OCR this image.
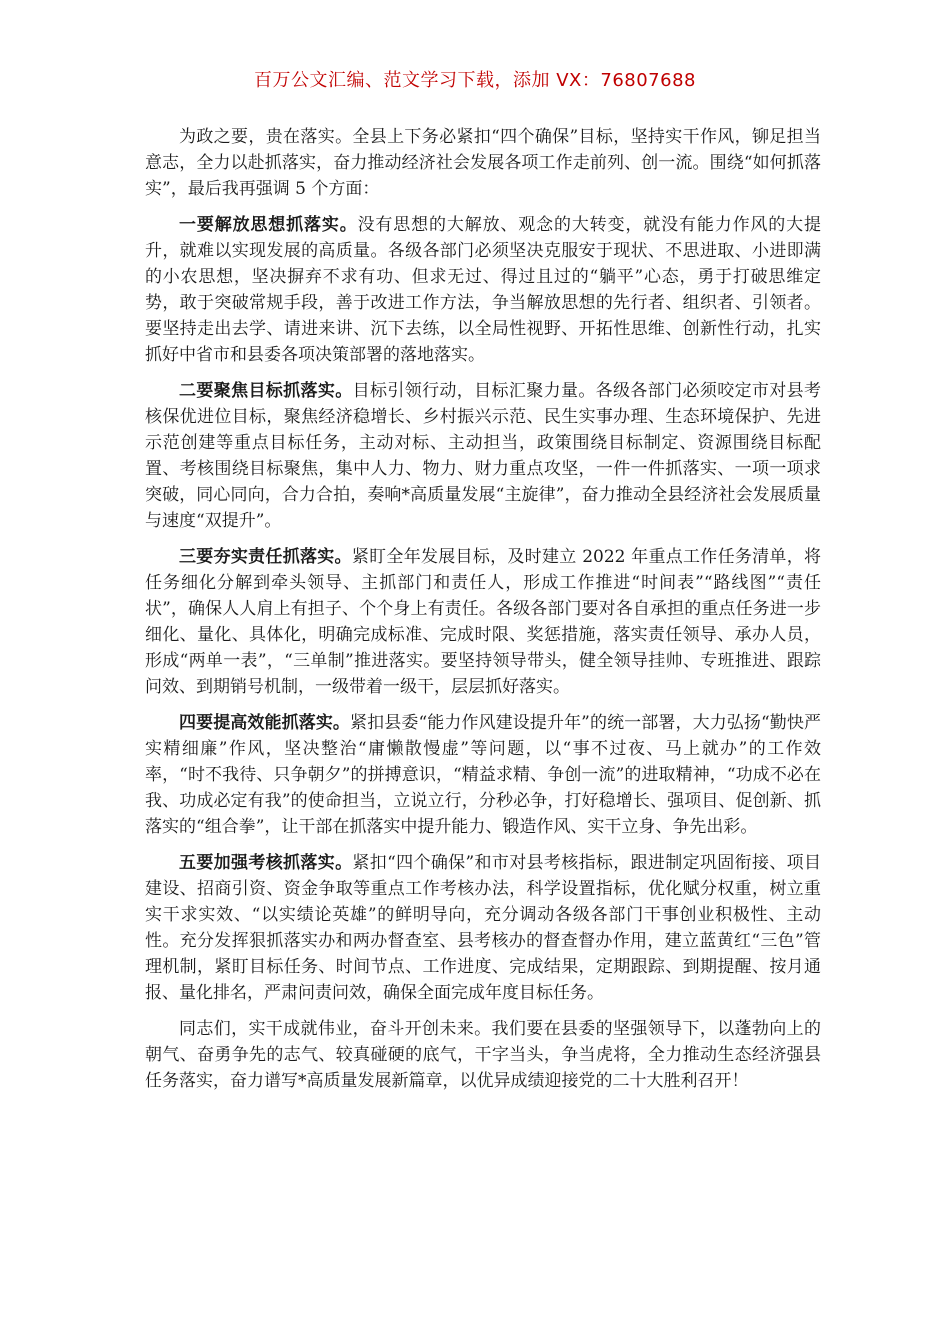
百万公文汇编、范文学习下载，添加 VX：76807688

为政之要，贵在落实。全县上下务必紧扣“四个确保”目标，坚持实干作风，铆足担当意志，全力以赴抓落实，奋力推动经济社会发展各项工作走前列、创一流。围绕“如何抓落实”，最后我再强调 5 个方面：

一要解放思想抓落实。没有思想的大解放、观念的大转变，就没有能力作风的大提升，就难以实现发展的高质量。各级各部门必须坚决克服安于现状、不思进取、小进即满的小农思想，坚决摒弃不求有功、但求无过、得过且过的“躺平”心态，勇于打破思维定势，敢于突破常规手段，善于改进工作方法，争当解放思想的先行者、组织者、引领者。要坚持走出去学、请进来讲、沉下去练，以全局性视野、开拓性思维、创新性行动，扎实抓好中省市和县委各项决策部署的落地落实。

二要聚焦目标抓落实。目标引领行动，目标汇聚力量。各级各部门必须咬定市对县考核保优进位目标，聚焦经济稳增长、乡村振兴示范、民生实事办理、生态环境保护、先进示范创建等重点目标任务，主动对标、主动担当，政策围绕目标制定、资源围绕目标配置、考核围绕目标聚焦，集中人力、物力、财力重点攻坚，一件一件抓落实、一项一项求突破，同心同向，合力合拍，奏响*高质量发展“主旋律”，奋力推动全县经济社会发展质量与速度“双提升”。

三要夯实责任抓落实。紧盯全年发展目标，及时建立 2022 年重点工作任务清单，将任务细化分解到牵头领导、主抓部门和责任人，形成工作推进“时间表”“路线图”“责任状”，确保人人肩上有担子、个个身上有责任。各级各部门要对各自承担的重点任务进一步细化、量化、具体化，明确完成标准、完成时限、奖惩措施，落实责任领导、承办人员，形成“两单一表”，“三单制”推进落实。要坚持领导带头，健全领导挂帅、专班推进、跟踪问效、到期销号机制，一级带着一级干，层层抓好落实。

四要提高效能抓落实。紧扣县委“能力作风建设提升年”的统一部署，大力弘扬“勤快严实精细廉”作风，坚决整治“庸懒散慢虚”等问题，以“事不过夜、马上就办”的工作效率，“时不我待、只争朝夕”的拼搏意识，“精益求精、争创一流”的进取精神，“功成不必在我、功成必定有我”的使命担当，立说立行，分秒必争，打好稳增长、强项目、促创新、抓落实的“组合拳”，让干部在抓落实中提升能力、锻造作风、实干立身、争先出彩。

五要加强考核抓落实。紧扣“四个确保”和市对县考核指标，跟进制定巩固衔接、项目建设、招商引资、资金争取等重点工作考核办法，科学设置指标，优化赋分权重，树立重实干求实效、“以实绩论英雄”的鲜明导向，充分调动各级各部门干事创业积极性、主动性。充分发挥狠抓落实办和两办督查室、县考核办的督查督办作用，建立蓝黄红“三色”管理机制，紧盯目标任务、时间节点、工作进度、完成结果，定期跟踪、到期提醒、按月通报、量化排名，严肃问责问效，确保全面完成年度目标任务。

同志们，实干成就伟业，奋斗开创未来。我们要在县委的坚强领导下，以蓬勃向上的朝气、奋勇争先的志气、较真碰硬的底气，干字当头，争当虎将，全力推动生态经济强县任务落实，奋力谱写*高质量发展新篇章，以优异成绩迎接党的二十大胜利召开！
